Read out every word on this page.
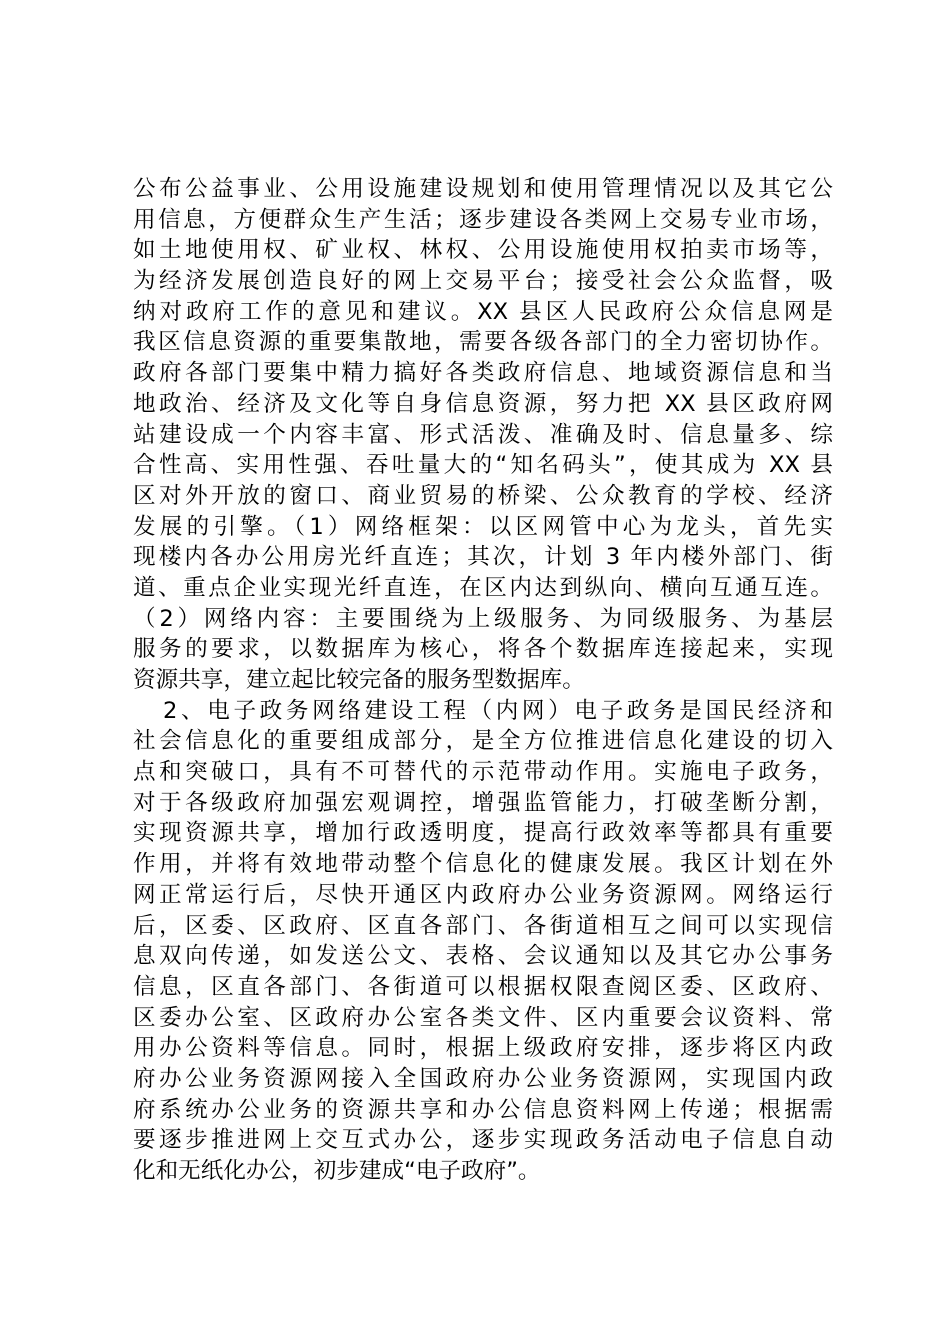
公布公益事业、公用设施建设规划和使用管理情况以及其它公
用信息，方便群众生产生活；逐步建设各类网上交易专业市场，
如土地使用权、矿业权、林权、公用设施使用权拍卖市场等，
为经济发展创造良好的网上交易平台；接受社会公众监督，吸
纳对政府工作的意见和建议。XX 县区人民政府公众信息网是
我区信息资源的重要集散地，需要各级各部门的全力密切协作。
政府各部门要集中精力搞好各类政府信息、地域资源信息和当
地政治、经济及文化等自身信息资源，努力把 XX 县区政府网
站建设成一个内容丰富、形式活泼、准确及时、信息量多、综
合性高、实用性强、吞吐量大的“知名码头”，使其成为 XX 县
区对外开放的窗口、商业贸易的桥梁、公众教育的学校、经济
发展的引擎。（1）网络框架：以区网管中心为龙头，首先实
现楼内各办公用房光纤直连；其次，计划 3 年内楼外部门、街
道、重点企业实现光纤直连，在区内达到纵向、横向互通互连。
（2）网络内容：主要围绕为上级服务、为同级服务、为基层
服务的要求，以数据库为核心，将各个数据库连接起来，实现
资源共享，建立起比较完备的服务型数据库。
2、电子政务网络建设工程（内网）电子政务是国民经济和
社会信息化的重要组成部分，是全方位推进信息化建设的切入
点和突破口，具有不可替代的示范带动作用。实施电子政务，
对于各级政府加强宏观调控，增强监管能力，打破垄断分割，
实现资源共享，增加行政透明度，提高行政效率等都具有重要
作用，并将有效地带动整个信息化的健康发展。我区计划在外
网正常运行后，尽快开通区内政府办公业务资源网。网络运行
后，区委、区政府、区直各部门、各街道相互之间可以实现信
息双向传递，如发送公文、表格、会议通知以及其它办公事务
信息，区直各部门、各街道可以根据权限查阅区委、区政府、
区委办公室、区政府办公室各类文件、区内重要会议资料、常
用办公资料等信息。同时，根据上级政府安排，逐步将区内政
府办公业务资源网接入全国政府办公业务资源网，实现国内政
府系统办公业务的资源共享和办公信息资料网上传递；根据需
要逐步推进网上交互式办公，逐步实现政务活动电子信息自动
化和无纸化办公，初步建成“电子政府”。
